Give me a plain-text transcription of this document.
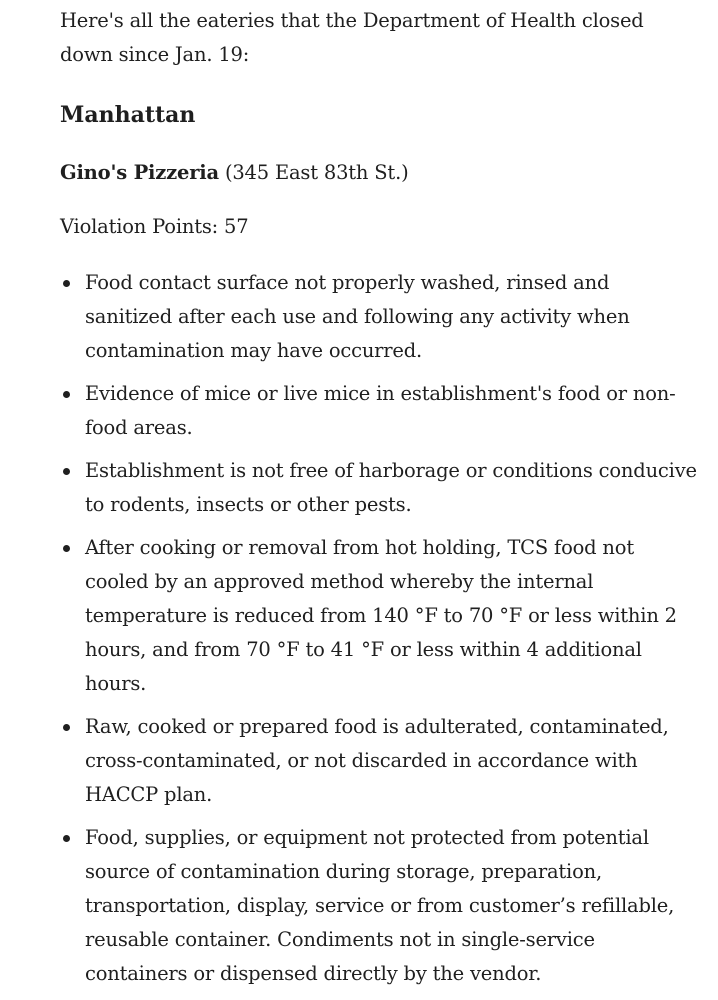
Here's all the eateries that the Department of Health closed down since Jan. 19:

Manhattan

Gino's Pizzeria (345 East 83th St.)

Violation Points: 57

Food contact surface not properly washed, rinsed and sanitized after each use and following any activity when contamination may have occurred.
Evidence of mice or live mice in establishment's food or non-food areas.
Establishment is not free of harborage or conditions conducive to rodents, insects or other pests.
After cooking or removal from hot holding, TCS food not cooled by an approved method whereby the internal temperature is reduced from 140 °F to 70 °F or less within 2 hours, and from 70 °F to 41 °F or less within 4 additional hours.
Raw, cooked or prepared food is adulterated, contaminated, cross-contaminated, or not discarded in accordance with HACCP plan.
Food, supplies, or equipment not protected from potential source of contamination during storage, preparation, transportation, display, service or from customer’s refillable, reusable container. Condiments not in single-service containers or dispensed directly by the vendor.
